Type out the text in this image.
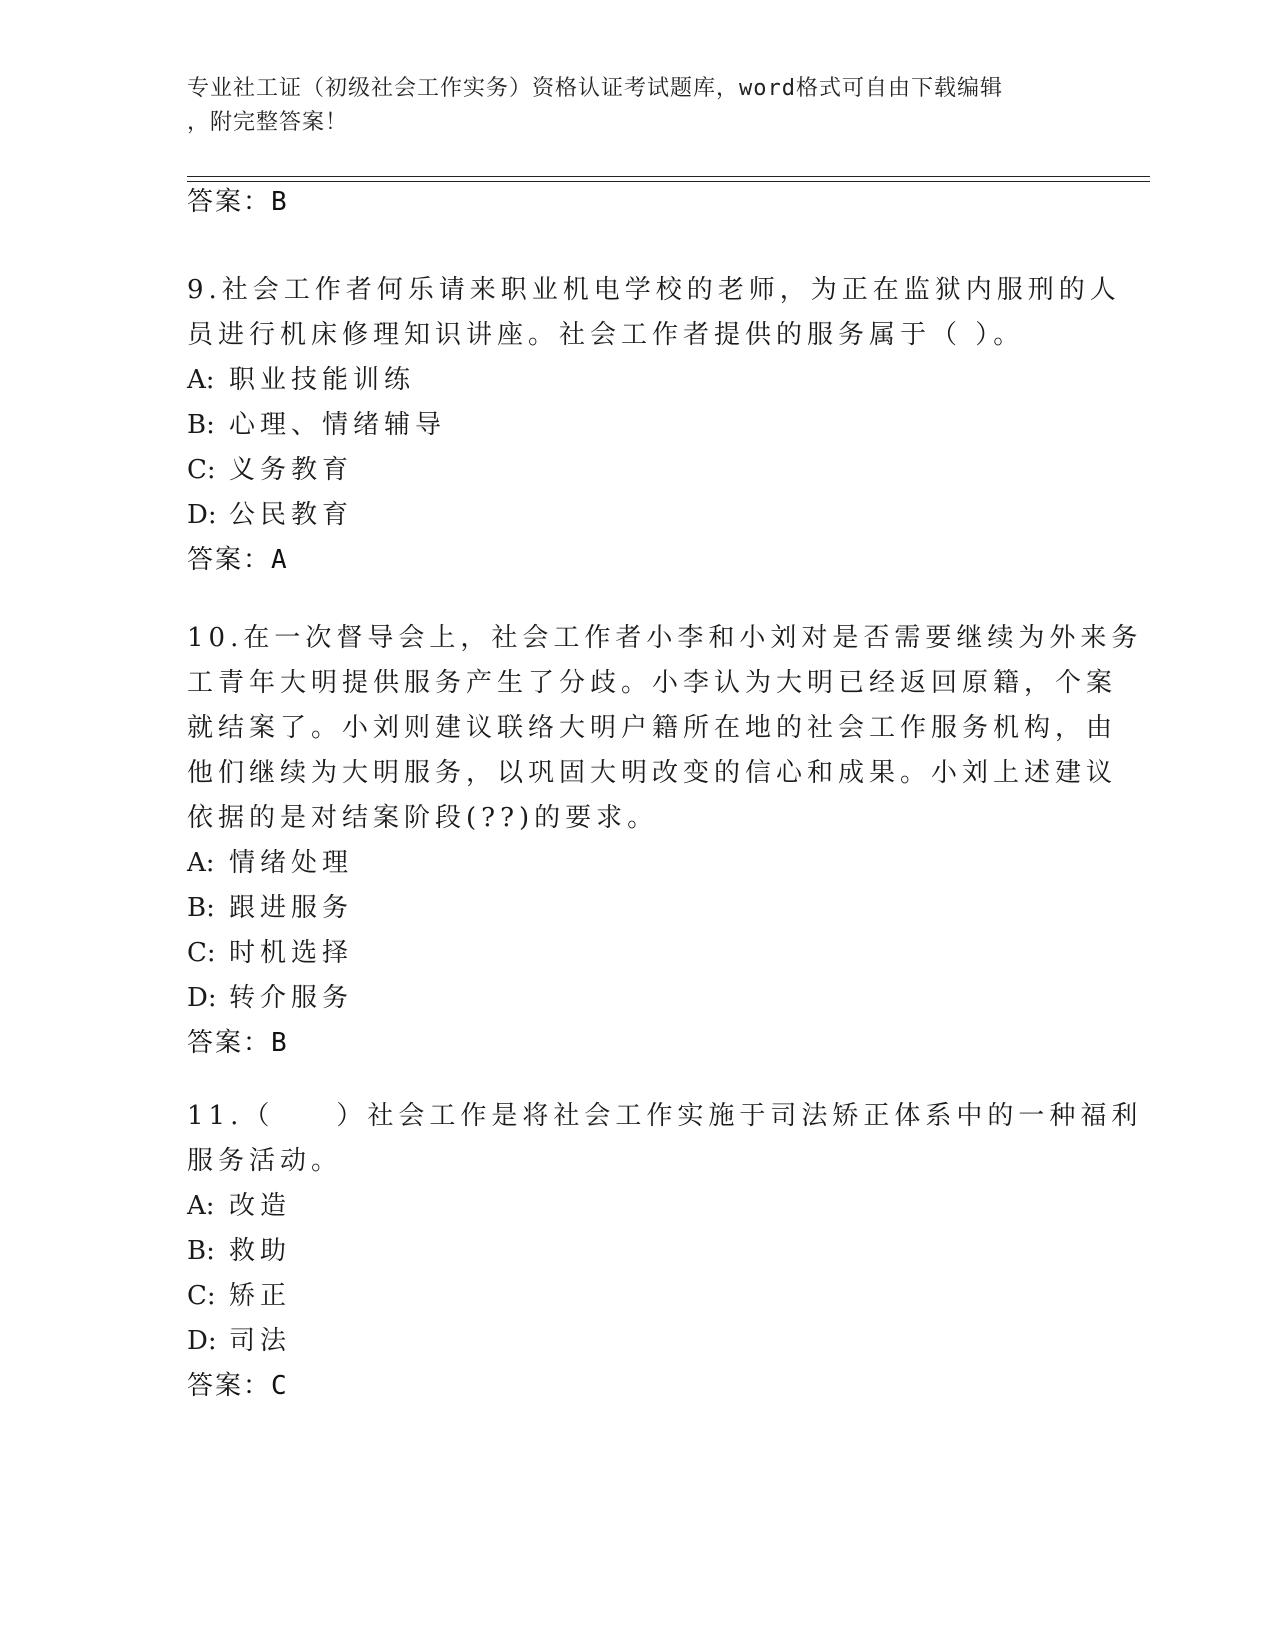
专业社工证（初级社会工作实务）资格认证考试题库，word格式可自由下载编辑
，附完整答案！
答案：B
9.社会工作者何乐请来职业机电学校的老师，为正在监狱内服刑的人
员进行机床修理知识讲座。社会工作者提供的服务属于（ ）。
A: 职业技能训练
B: 心理、情绪辅导
C: 义务教育
D: 公民教育
答案：A
10.在一次督导会上，社会工作者小李和小刘对是否需要继续为外来务
工青年大明提供服务产生了分歧。小李认为大明已经返回原籍，个案
就结案了。小刘则建议联络大明户籍所在地的社会工作服务机构，由
他们继续为大明服务，以巩固大明改变的信心和成果。小刘上述建议
依据的是对结案阶段(??)的要求。
A: 情绪处理
B: 跟进服务
C: 时机选择
D: 转介服务
答案：B
11.（　　）社会工作是将社会工作实施于司法矫正体系中的一种福利
服务活动。
A: 改造
B: 救助
C: 矫正
D: 司法
答案：C
